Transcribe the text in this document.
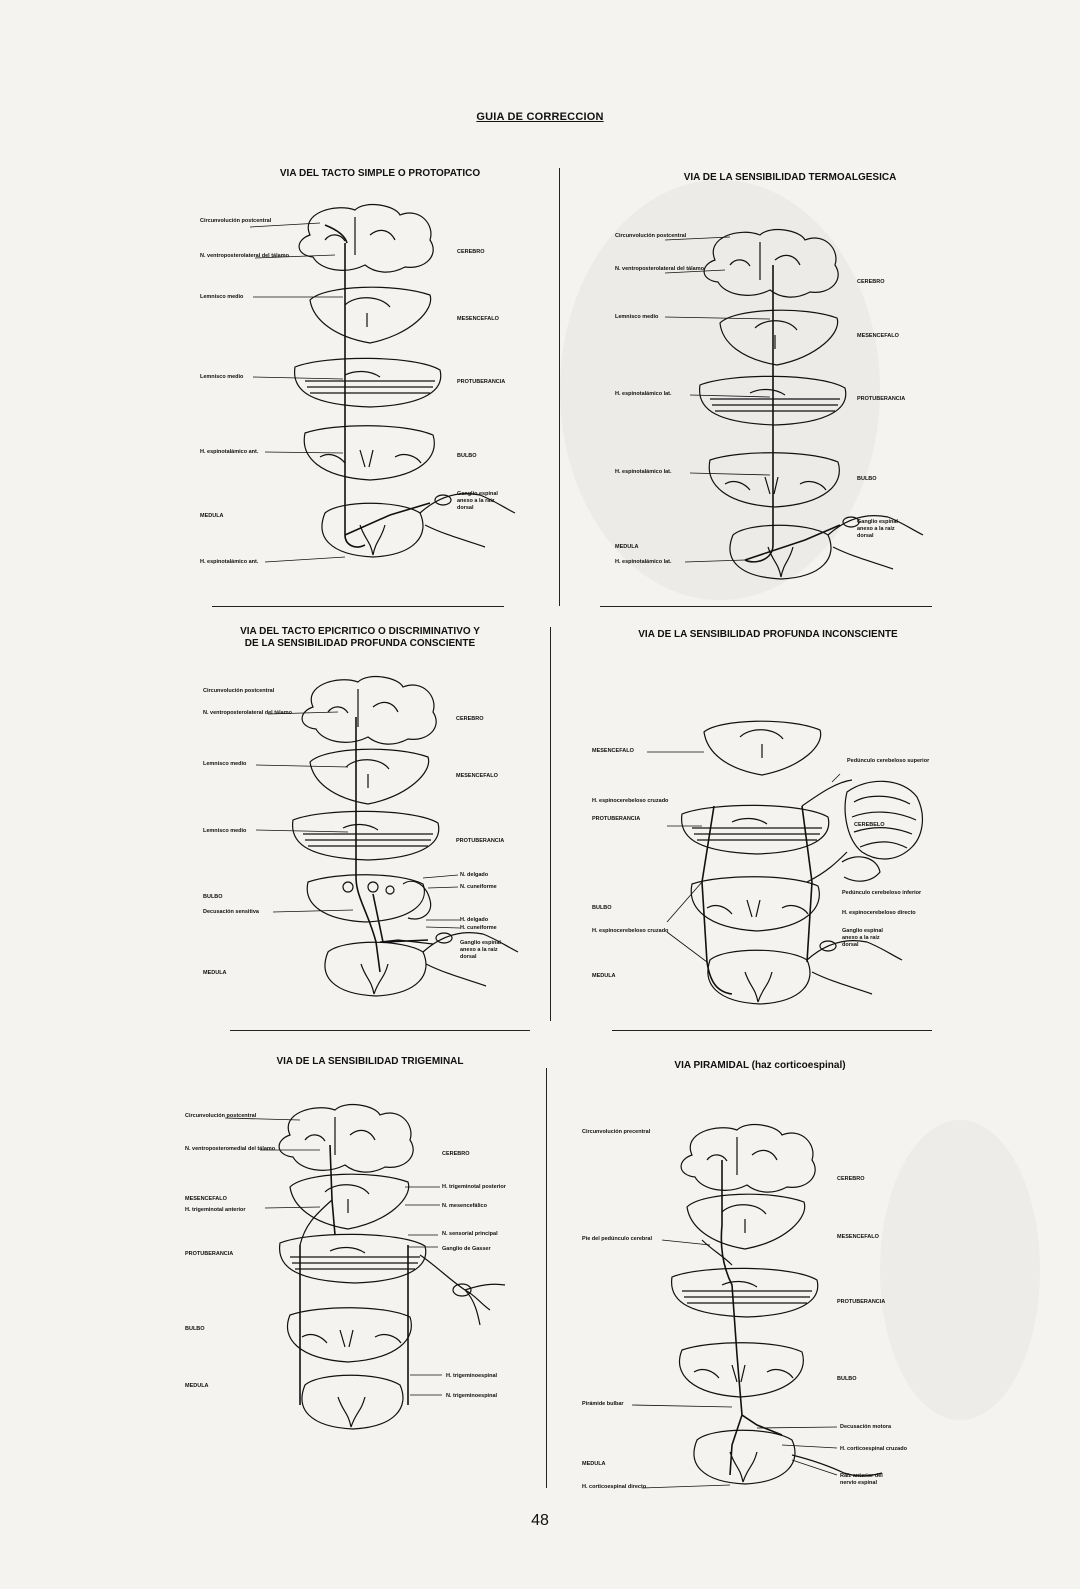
GUIA DE CORRECCION
VIA DEL TACTO SIMPLE O PROTOPATICO	VIA DE LA SENSIBILIDAD TERMOALGESICA
VIA DEL TACTO EPICRITICO O DISCRIMINATIVO Y
DE LA SENSIBILIDAD PROFUNDA CONSCIENTE
VIA DE LA SENSIBILIDAD PROFUNDA INCONSCIENTE
VIA DE LA SENSIBILIDAD TRIGEMINAL	VIA PIRAMIDAL (haz corticoespinal)
Circunvolución postcentral
N. ventroposterolateral del tálamo
Lemnisco medio
Lemnisco medio
H. espinotalámico ant.
MEDULA
H. espinotalámico ant.
CEREBRO
MESENCEFALO
PROTUBERANCIA
BULBO
Ganglio espinal
anexo a la raíz
dorsal
Circunvolución postcentral
N. ventroposterolateral del tálamo
Lemnisco medio
H. espinotalámico lat.
H. espinotalámico lat.
MEDULA
H. espinotalámico lat.
CEREBRO
MESENCEFALO
PROTUBERANCIA
BULBO
Ganglio espinal
anexo a la raíz
dorsal
Circunvolución postcentral
N. ventroposterolateral del tálamo
Lemnisco medio
Lemnisco medio
BULBO
Decusación sensitiva
MEDULA
CEREBRO
MESENCEFALO
PROTUBERANCIA
N. delgado
N. cuneiforme
H. delgado
H. cuneiforme
Ganglio espinal
anexo a la raíz
dorsal
MESENCEFALO
H. espinocerebeloso cruzado
PROTUBERANCIA
BULBO
H. espinocerebeloso cruzado
MEDULA
Pedúnculo cerebeloso superior
CEREBELO
Pedúnculo cerebeloso inferior
H. espinocerebeloso directo
Ganglio espinal
anexo a la raíz
dorsal
Circunvolución postcentral
N. ventroposteromedial del tálamo
MESENCEFALO
H. trigeminotal anterior
PROTUBERANCIA
BULBO
MEDULA
CEREBRO
H. trigeminotal posterior
N. mesencefálico
N. sensorial principal
Ganglio de Gasser
H. trigeminoespinal
N. trigeminoespinal
Circunvolución precentral
Pie del pedúnculo cerebral
Pirámide bulbar
MEDULA
H. corticoespinal directo
CEREBRO
MESENCEFALO
PROTUBERANCIA
BULBO
Decusación motora
H. corticoespinal cruzado
Raíz anterior del
nervio espinal
48
